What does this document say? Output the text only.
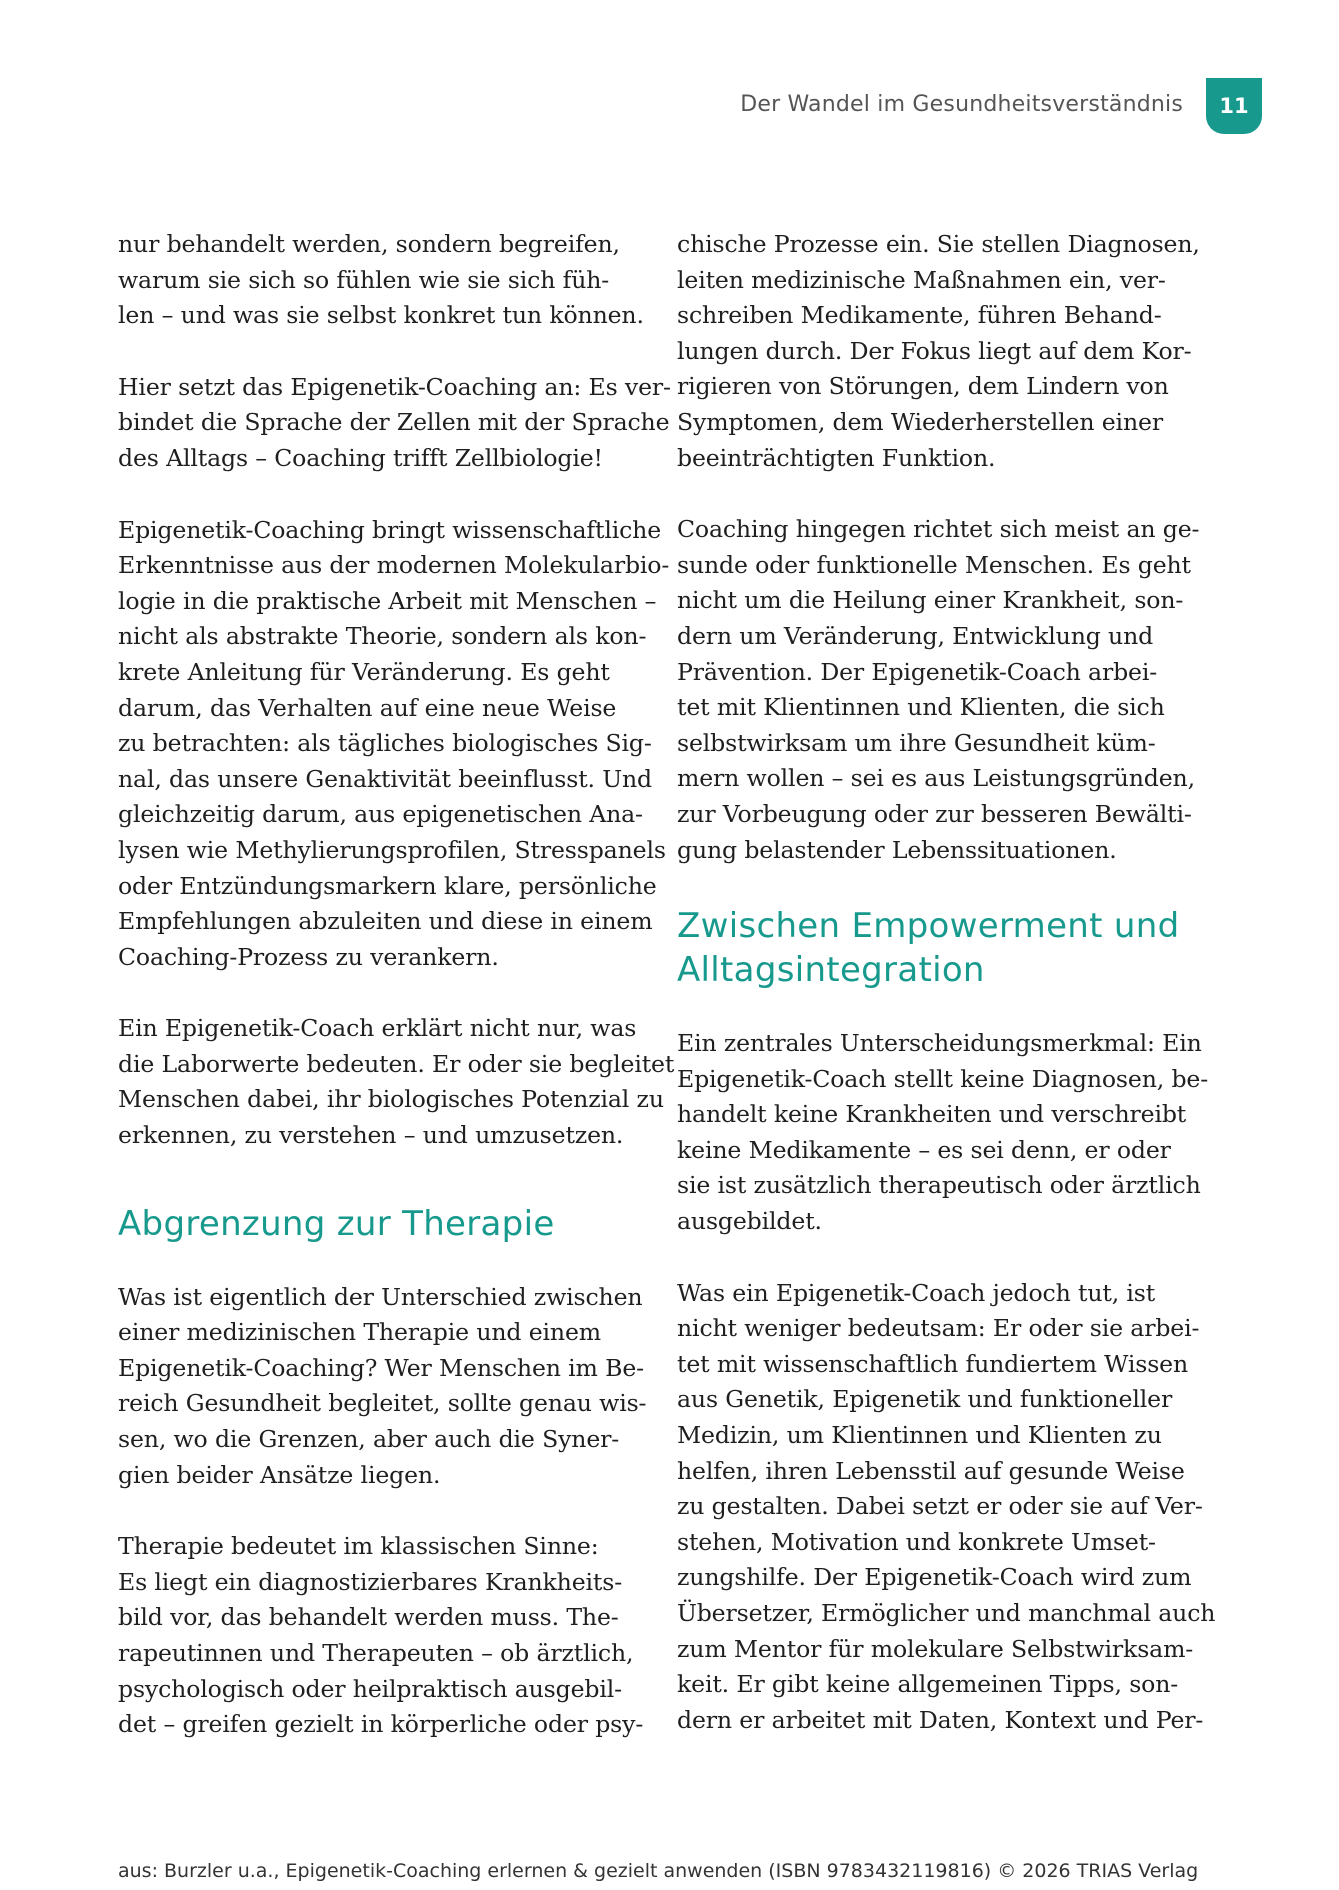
Der Wandel im Gesundheitsverständnis	11

nur behandelt werden, sondern begreifen,
warum sie sich so fühlen wie sie sich füh-
len – und was sie selbst konkret tun können.

Hier setzt das Epigenetik-Coaching an: Es ver-
bindet die Sprache der Zellen mit der Sprache
des Alltags – Coaching trifft Zellbiologie!

Epigenetik-Coaching bringt wissenschaftliche
Erkenntnisse aus der modernen Molekularbio-
logie in die praktische Arbeit mit Menschen –
nicht als abstrakte Theorie, sondern als kon-
krete Anleitung für Veränderung. Es geht
darum, das Verhalten auf eine neue Weise
zu betrachten: als tägliches biologisches Sig-
nal, das unsere Genaktivität beeinflusst. Und
gleichzeitig darum, aus epigenetischen Ana-
lysen wie Methylierungsprofilen, Stresspanels
oder Entzündungsmarkern klare, persönliche
Empfehlungen abzuleiten und diese in einem
Coaching-Prozess zu verankern.

Ein Epigenetik-Coach erklärt nicht nur, was
die Laborwerte bedeuten. Er oder sie begleitet
Menschen dabei, ihr biologisches Potenzial zu
erkennen, zu verstehen – und umzusetzen.

Abgrenzung zur Therapie

Was ist eigentlich der Unterschied zwischen
einer medizinischen Therapie und einem
Epigenetik-Coaching? Wer Menschen im Be-
reich Gesundheit begleitet, sollte genau wis-
sen, wo die Grenzen, aber auch die Syner-
gien beider Ansätze liegen.

Therapie bedeutet im klassischen Sinne:
Es liegt ein diagnostizierbares Krankheits-
bild vor, das behandelt werden muss. The-
rapeutinnen und Therapeuten – ob ärztlich,
psychologisch oder heilpraktisch ausgebil-
det – greifen gezielt in körperliche oder psy-

chische Prozesse ein. Sie stellen Diagnosen,
leiten medizinische Maßnahmen ein, ver-
schreiben Medikamente, führen Behand-
lungen durch. Der Fokus liegt auf dem Kor-
rigieren von Störungen, dem Lindern von
Symptomen, dem Wiederherstellen einer
beeinträchtigten Funktion.

Coaching hingegen richtet sich meist an ge-
sunde oder funktionelle Menschen. Es geht
nicht um die Heilung einer Krankheit, son-
dern um Veränderung, Entwicklung und
Prävention. Der Epigenetik-Coach arbei-
tet mit Klientinnen und Klienten, die sich
selbstwirksam um ihre Gesundheit küm-
mern wollen – sei es aus Leistungsgründen,
zur Vorbeugung oder zur besseren Bewälti-
gung belastender Lebenssituationen.

Zwischen Empowerment und
Alltagsintegration

Ein zentrales Unterscheidungsmerkmal: Ein
Epigenetik-Coach stellt keine Diagnosen, be-
handelt keine Krankheiten und verschreibt
keine Medikamente – es sei denn, er oder
sie ist zusätzlich therapeutisch oder ärztlich
ausgebildet.

Was ein Epigenetik-Coach jedoch tut, ist
nicht weniger bedeutsam: Er oder sie arbei-
tet mit wissenschaftlich fundiertem Wissen
aus Genetik, Epigenetik und funktioneller
Medizin, um Klientinnen und Klienten zu
helfen, ihren Lebensstil auf gesunde Weise
zu gestalten. Dabei setzt er oder sie auf Ver-
stehen, Motivation und konkrete Umset-
zungshilfe. Der Epigenetik-Coach wird zum
Übersetzer, Ermöglicher und manchmal auch
zum Mentor für molekulare Selbstwirksam-
keit. Er gibt keine allgemeinen Tipps, son-
dern er arbeitet mit Daten, Kontext und Per-

aus: Burzler u.a., Epigenetik-Coaching erlernen & gezielt anwenden (ISBN 9783432119816) © 2026 TRIAS Verlag
